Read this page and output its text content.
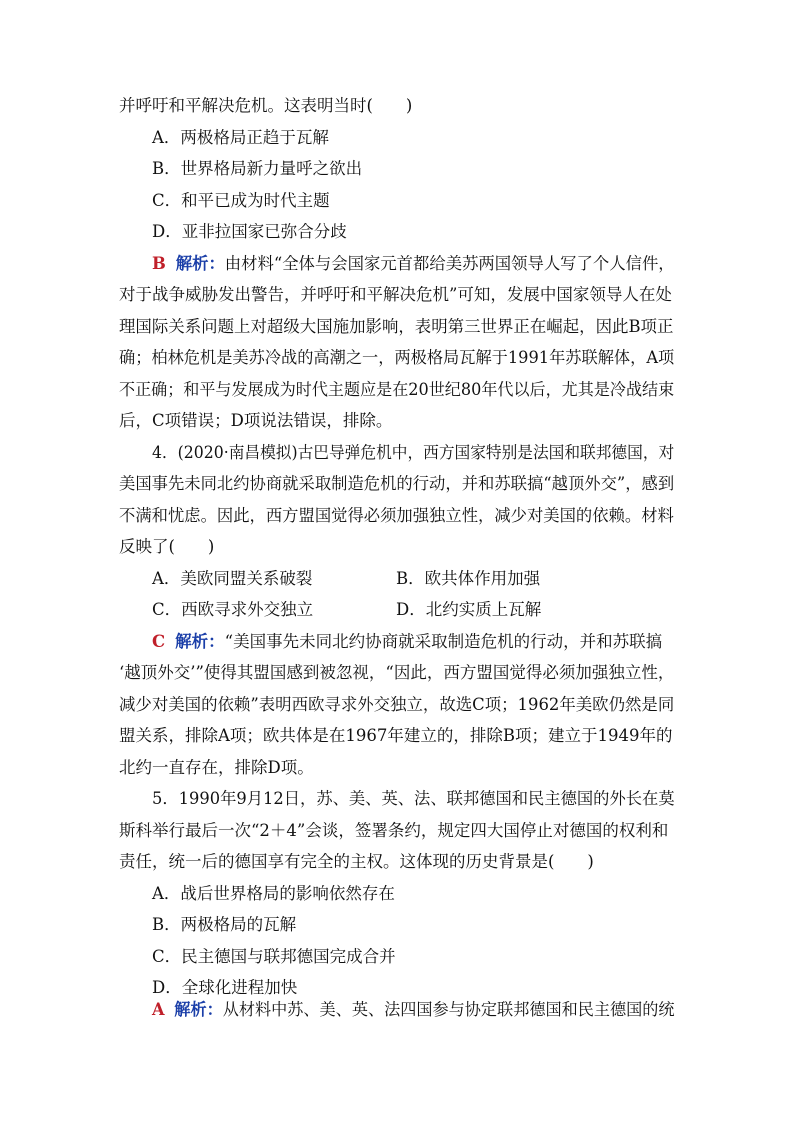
并呼吁和平解决危机。这表明当时(　　)
A．两极格局正趋于瓦解
B．世界格局新力量呼之欲出
C．和平已成为时代主题
D．亚非拉国家已弥合分歧
B 解析：由材料“全体与会国家元首都给美苏两国领导人写了个人信件，
对于战争威胁发出警告，并呼吁和平解决危机”可知，发展中国家领导人在处
理国际关系问题上对超级大国施加影响，表明第三世界正在崛起，因此B项正
确；柏林危机是美苏冷战的高潮之一，两极格局瓦解于1991年苏联解体，A项
不正确；和平与发展成为时代主题应是在20世纪80年代以后，尤其是冷战结束
后，C项错误；D项说法错误，排除。
4．(2020·南昌模拟)古巴导弹危机中，西方国家特别是法国和联邦德国，对
美国事先未同北约协商就采取制造危机的行动，并和苏联搞“越顶外交”，感到
不满和忧虑。因此，西方盟国觉得必须加强独立性，减少对美国的依赖。材料
反映了(　　)
A．美欧同盟关系破裂	B．欧共体作用加强
C．西欧寻求外交独立	D．北约实质上瓦解
C 解析：“美国事先未同北约协商就采取制造危机的行动，并和苏联搞
‘越顶外交’”使得其盟国感到被忽视，“因此，西方盟国觉得必须加强独立性，
减少对美国的依赖”表明西欧寻求外交独立，故选C项；1962年美欧仍然是同
盟关系，排除A项；欧共体是在1967年建立的，排除B项；建立于1949年的
北约一直存在，排除D项。
5．1990年9月12日，苏、美、英、法、联邦德国和民主德国的外长在莫
斯科举行最后一次“2＋4”会谈，签署条约，规定四大国停止对德国的权利和
责任，统一后的德国享有完全的主权。这体现的历史背景是(　　)
A．战后世界格局的影响依然存在
B．两极格局的瓦解
C．民主德国与联邦德国完成合并
D．全球化进程加快
A 解析：从材料中苏、美、英、法四国参与协定联邦德国和民主德国的统
